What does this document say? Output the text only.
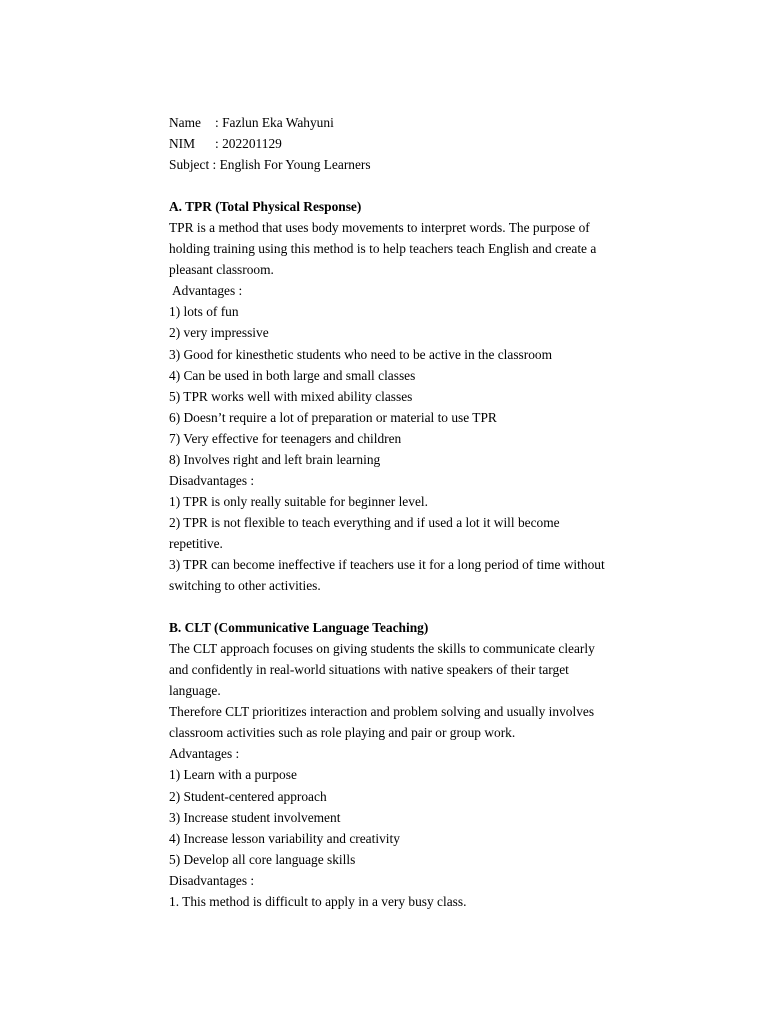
Name	: Fazlun Eka Wahyuni
NIM	: 202201129
Subject : English For Young Learners
A. TPR (Total Physical Response)
TPR is a method that uses body movements to interpret words. The purpose of
holding training using this method is to help teachers teach English and create a
pleasant classroom.
Advantages :
1) lots of fun
2) very impressive
3) Good for kinesthetic students who need to be active in the classroom
4) Can be used in both large and small classes
5) TPR works well with mixed ability classes
6) Doesn’t require a lot of preparation or material to use TPR
7) Very effective for teenagers and children
8) Involves right and left brain learning
Disadvantages :
1) TPR is only really suitable for beginner level.
2) TPR is not flexible to teach everything and if used a lot it will become
repetitive.
3) TPR can become ineffective if teachers use it for a long period of time without
switching to other activities.
B. CLT (Communicative Language Teaching)
The CLT approach focuses on giving students the skills to communicate clearly
and confidently in real-world situations with native speakers of their target
language.
Therefore CLT prioritizes interaction and problem solving and usually involves
classroom activities such as role playing and pair or group work.
Advantages :
1) Learn with a purpose
2) Student-centered approach
3) Increase student involvement
4) Increase lesson variability and creativity
5) Develop all core language skills
Disadvantages :
1. This method is difficult to apply in a very busy class.
